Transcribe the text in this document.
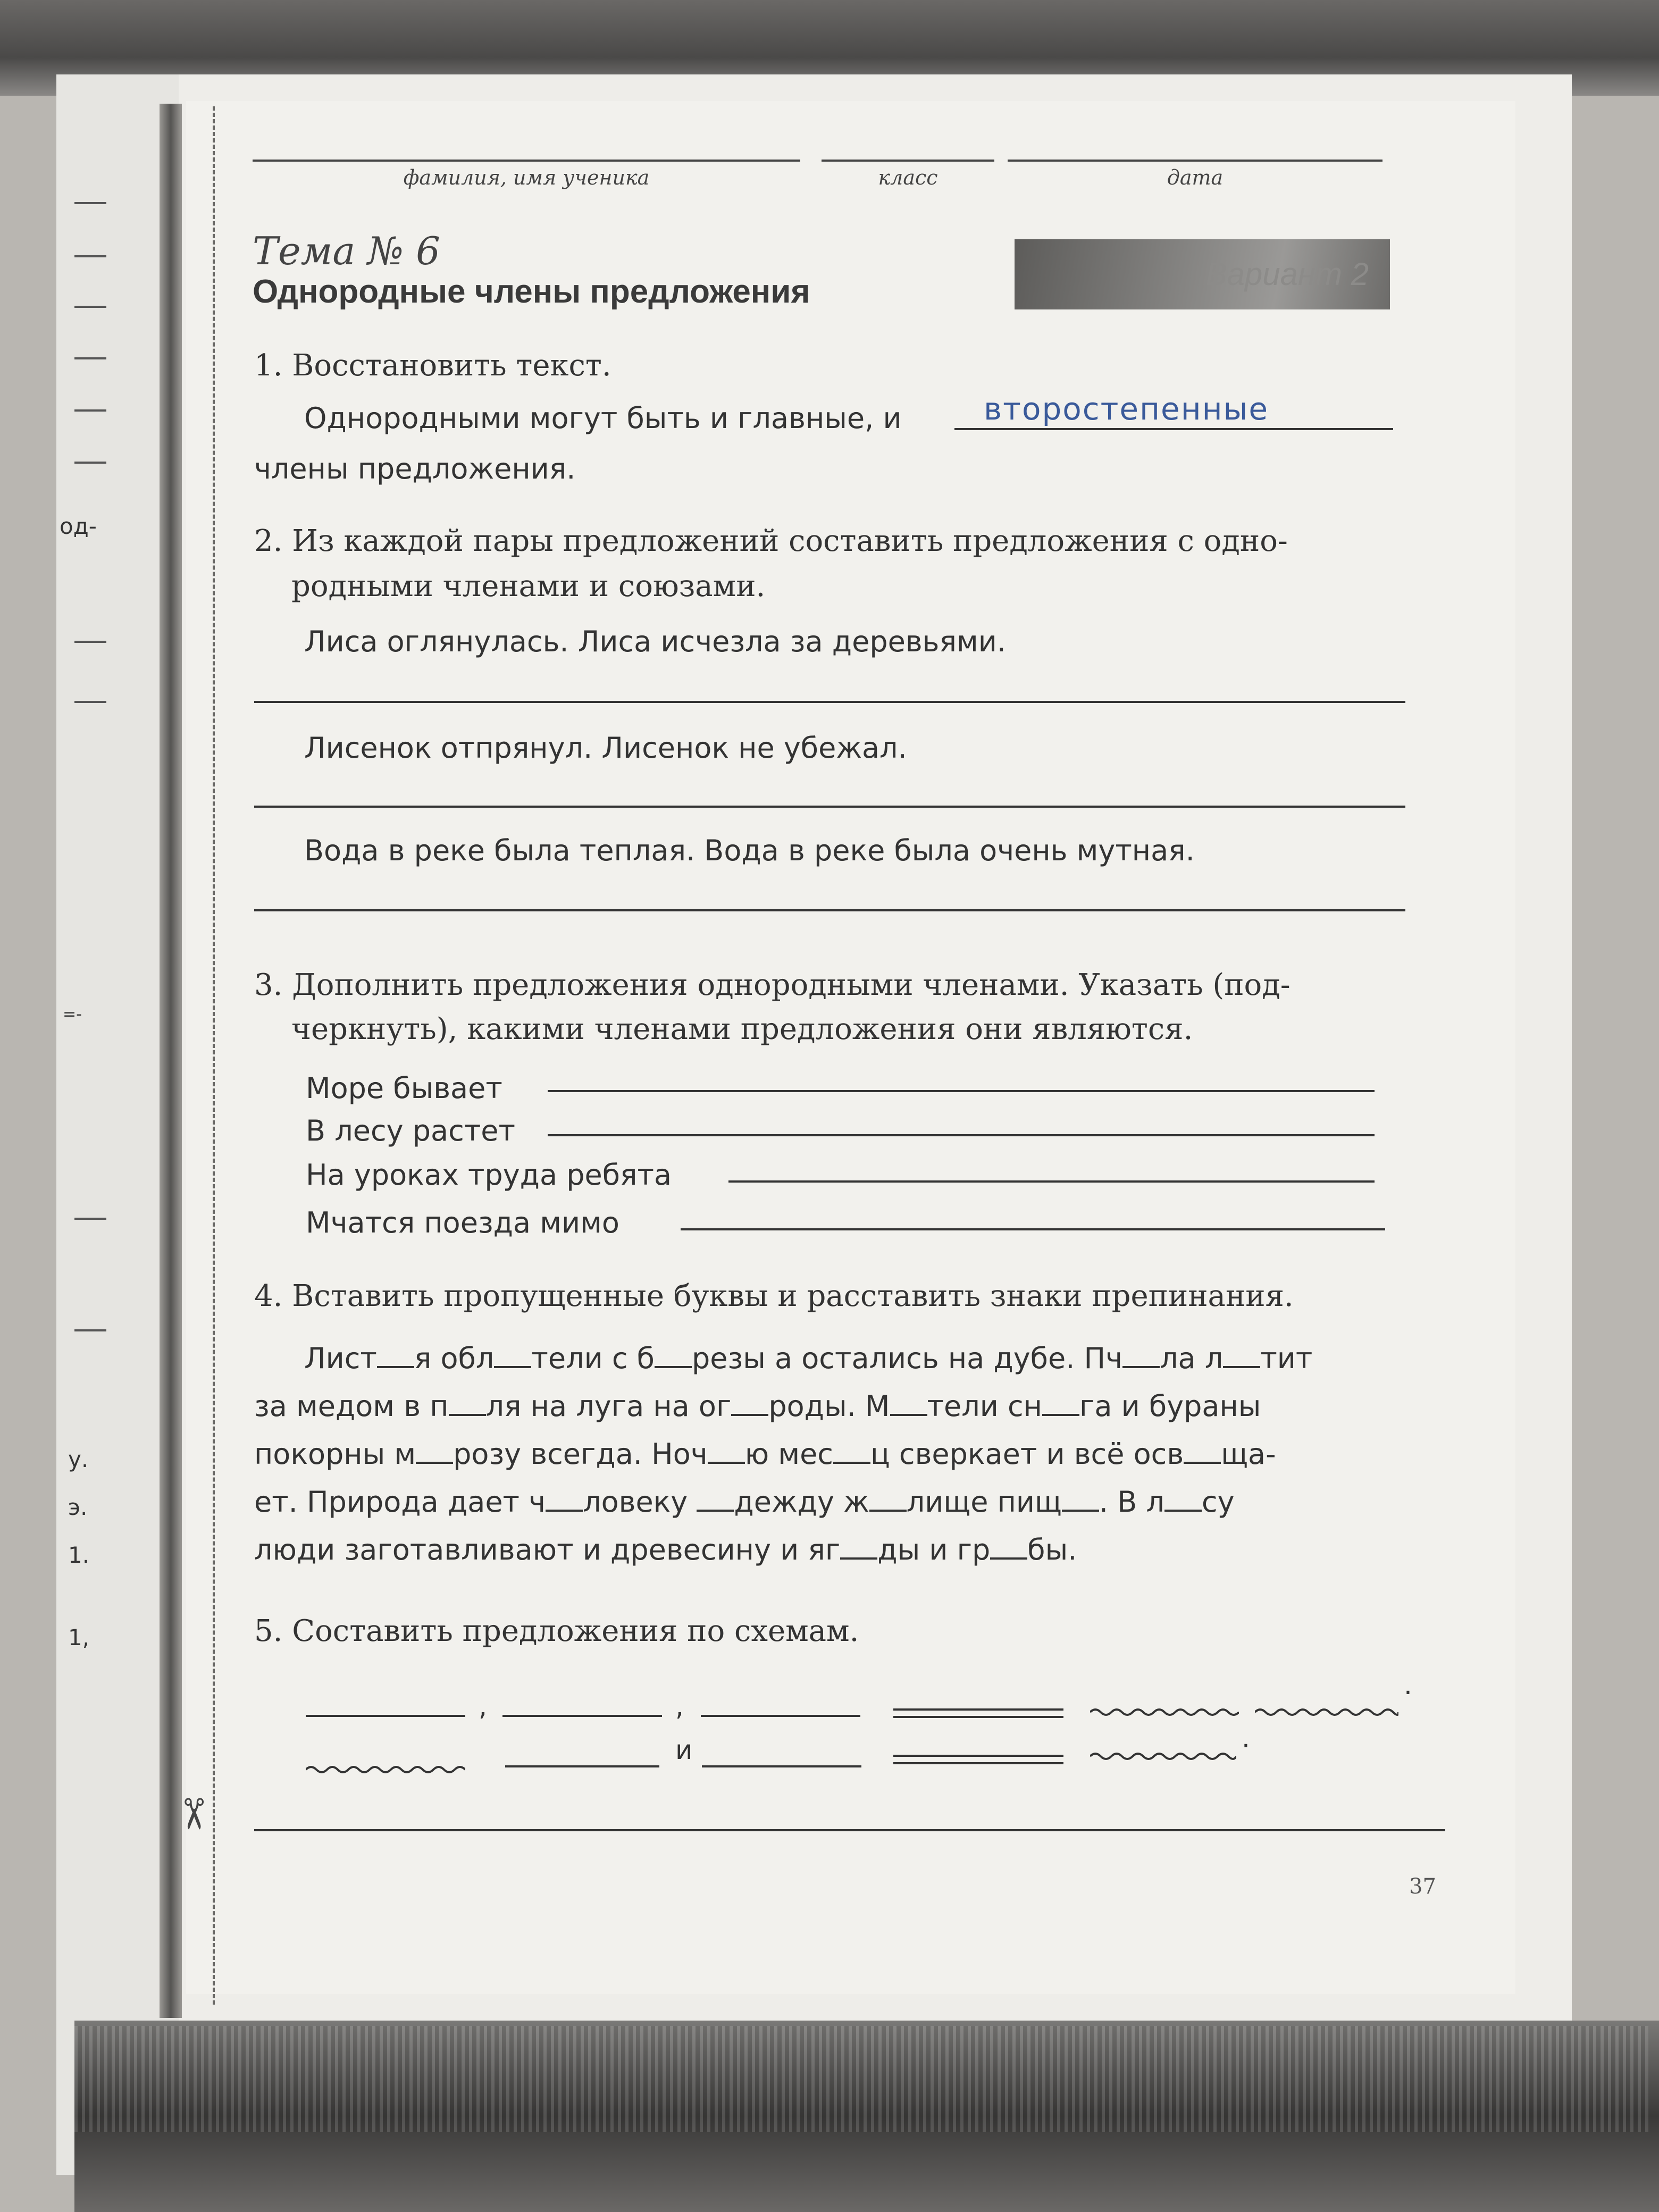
од-
=-
у.
э.
1.
1,
✂
фамилия, имя ученика	класс	дата
Тема № 6
Однородные члены предложения	Вариант 2
1. Восстановить текст.
Однородными могут быть и главные, и	второстепенные
члены предложения.
2. Из каждой пары предложений составить предложения с одно-
родными членами и союзами.
Лиса оглянулась. Лиса исчезла за деревьями.
Лисенок отпрянул. Лисенок не убежал.
Вода в реке была теплая. Вода в реке была очень мутная.
3. Дополнить предложения однородными членами. Указать (под-
черкнуть), какими членами предложения они являются.
Море бывает
В лесу растет
На уроках труда ребята
Мчатся поезда мимо
4. Вставить пропущенные буквы и расставить знаки препинания.

Лист я обл тели с б резы а остались на дубе. Пч ла л тит

за медом в п ля на луга на ог роды. М тели сн га и бураны

покорны м розу всегда. Ноч ю мес ц сверкает и всё осв ща-

ет. Природа дает ч ловеку дежду ж лище пищ . В л су

люди заготавливают и древесину и яг ды и гр бы.

5. Составить предложения по схемам.
,	,
.
и	.
37
